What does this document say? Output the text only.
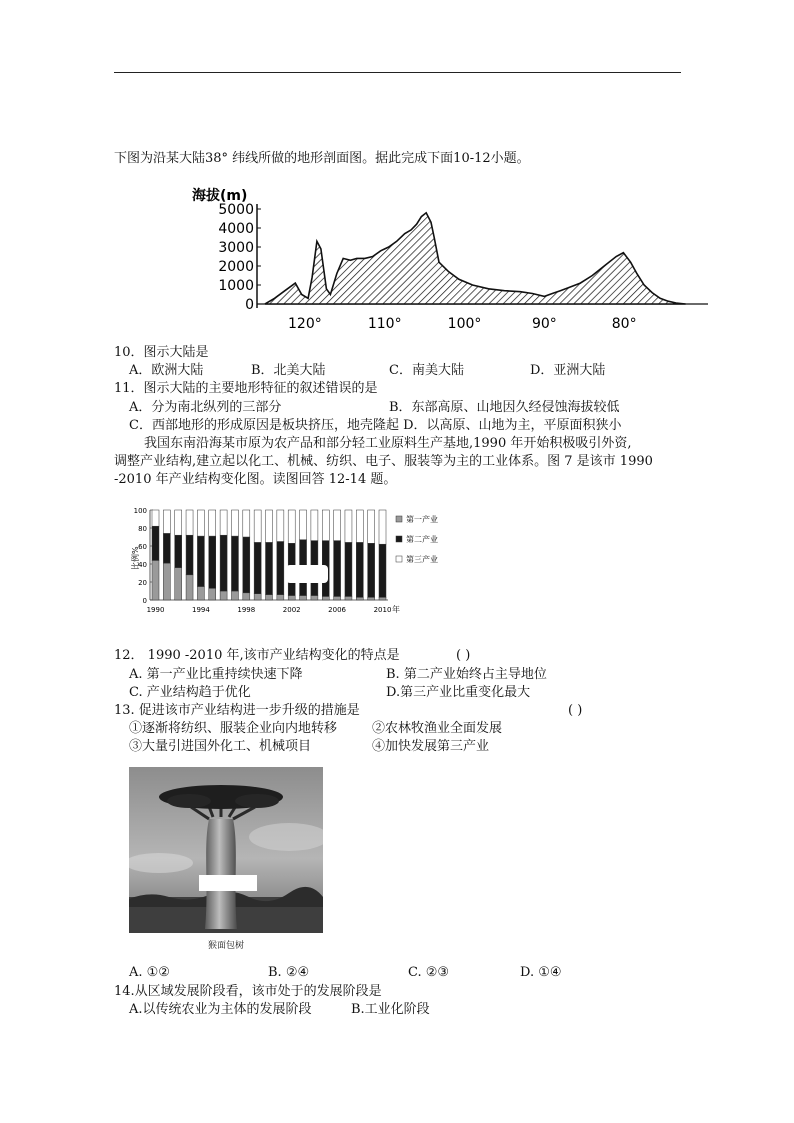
下图为沿某大陆38° 纬线所做的地形剖面图。据此完成下面10-12小题。
海拔(m)
0
1000
2000
3000
4000
5000
120°	110°	100°	90°	80°
10．图示大陆是
A．欧洲大陆	B．北美大陆	C．南美大陆	D．亚洲大陆
11．图示大陆的主要地形特征的叙述错误的是
A．分为南北纵列的三部分	B．东部高原、山地因久经侵蚀海拔较低
C．西部地形的形成原因是板块挤压，地壳隆起 D．以高原、山地为主，平原面积狭小
我国东南沿海某市原为农产品和部分轻工业原料生产基地,1990 年开始积极吸引外资,
调整产业结构,建立起以化工、机械、纺织、电子、服装等为主的工业体系。图 7 是该市 1990
-2010 年产业结构变化图。读图回答 12-14 题。
比例%
0
20
40
60
80
100
1990	1994	1998	2002	2006	2010 年
第一产业
第二产业
第三产业
12． 1990 -2010 年,该市产业结构变化的特点是	( )
A. 第一产业比重持续快速下降	B. 第二产业始终占主导地位
C. 产业结构趋于优化	D.第三产业比重变化最大
13. 促进该市产业结构进一步升级的措施是	( )
①逐渐将纺织、服装企业向内地转移	②农林牧渔业全面发展
③大量引进国外化工、机械项目	④加快发展第三产业
猴面包树
A. ①②	B. ②④	C. ②③	D. ①④
14.从区域发展阶段看，该市处于的发展阶段是
A.以传统农业为主体的发展阶段	B.工业化阶段
